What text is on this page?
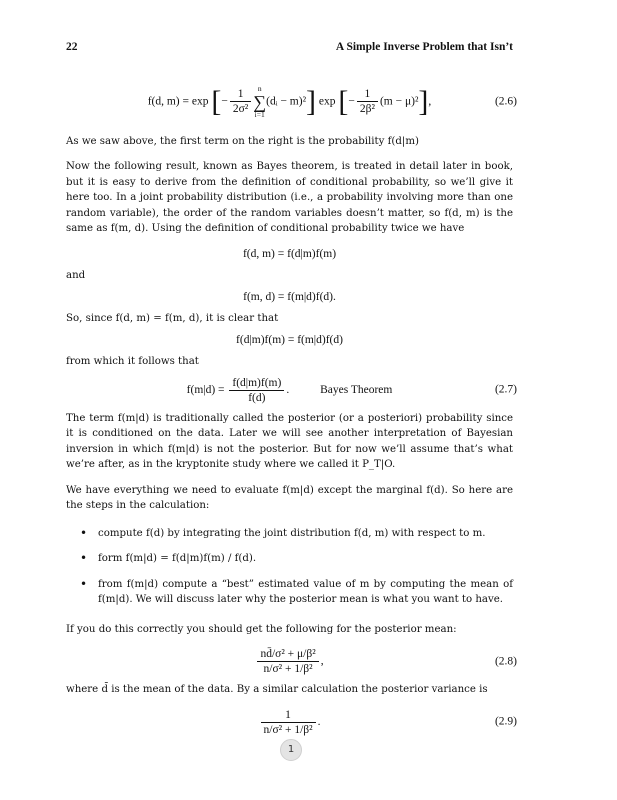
22	A Simple Inverse Problem that Isn’t
f(d, m) = exp [− $\frac{1}{\text{2σ²}}$ n
∑
i=1
(dᵢ − m)²] exp [− $\frac{1}{\text{2β²}} (m - \mu)^2$],	(2.6)

As we saw above, the first term on the right is the probability f(d|m)

Now the following result, known as Bayes theorem, is treated in detail later in book, but it is easy to derive from the definition of conditional probability, so we’ll give it here too. In a joint probability distribution (i.e., a probability involving more than one random variable), the order of the random variables doesn’t matter, so f(d, m) is the same as f(m, d). Using the definition of conditional probability twice we have

f(d, m) = f(d|m)f(m)

and

f(m, d) = f(m|d)f(d).

So, since f(d, m) = f(m, d), it is clear that

f(d|m)f(m) = f(m|d)f(d)

from which it follows that

$f(m|d) = \frac{f(d|m)f(m)}{f(d)}$ .	Bayes Theorem	(2.7)

The term f(m|d) is traditionally called the posterior (or a posteriori) probability since it is conditioned on the data. Later we will see another interpretation of Bayesian inversion in which f(m|d) is not the posterior. But for now we’ll assume that’s what we’re after, as in the kryptonite study where we called it P_T|O.

We have everything we need to evaluate f(m|d) except the marginal f(d). So here are the steps in the calculation:

• compute f(d) by integrating the joint distribution f(d, m) with respect to m.
• form f(m|d) = f(d|m)f(m) / f(d).
• from f(m|d) compute a “best” estimated value of m by computing the mean of f(m|d). We will discuss later why the posterior mean is what you want to have.

If you do this correctly you should get the following for the posterior mean:

$\frac{\text{nd̄/σ² + μ/β²}}{\text{n/σ² + 1/β²}}$ ,	(2.8)

where d̄ is the mean of the data. By a similar calculation the posterior variance is

$\frac{1}{\text{n/σ² + 1/β²}}$ .	(2.9)
1
